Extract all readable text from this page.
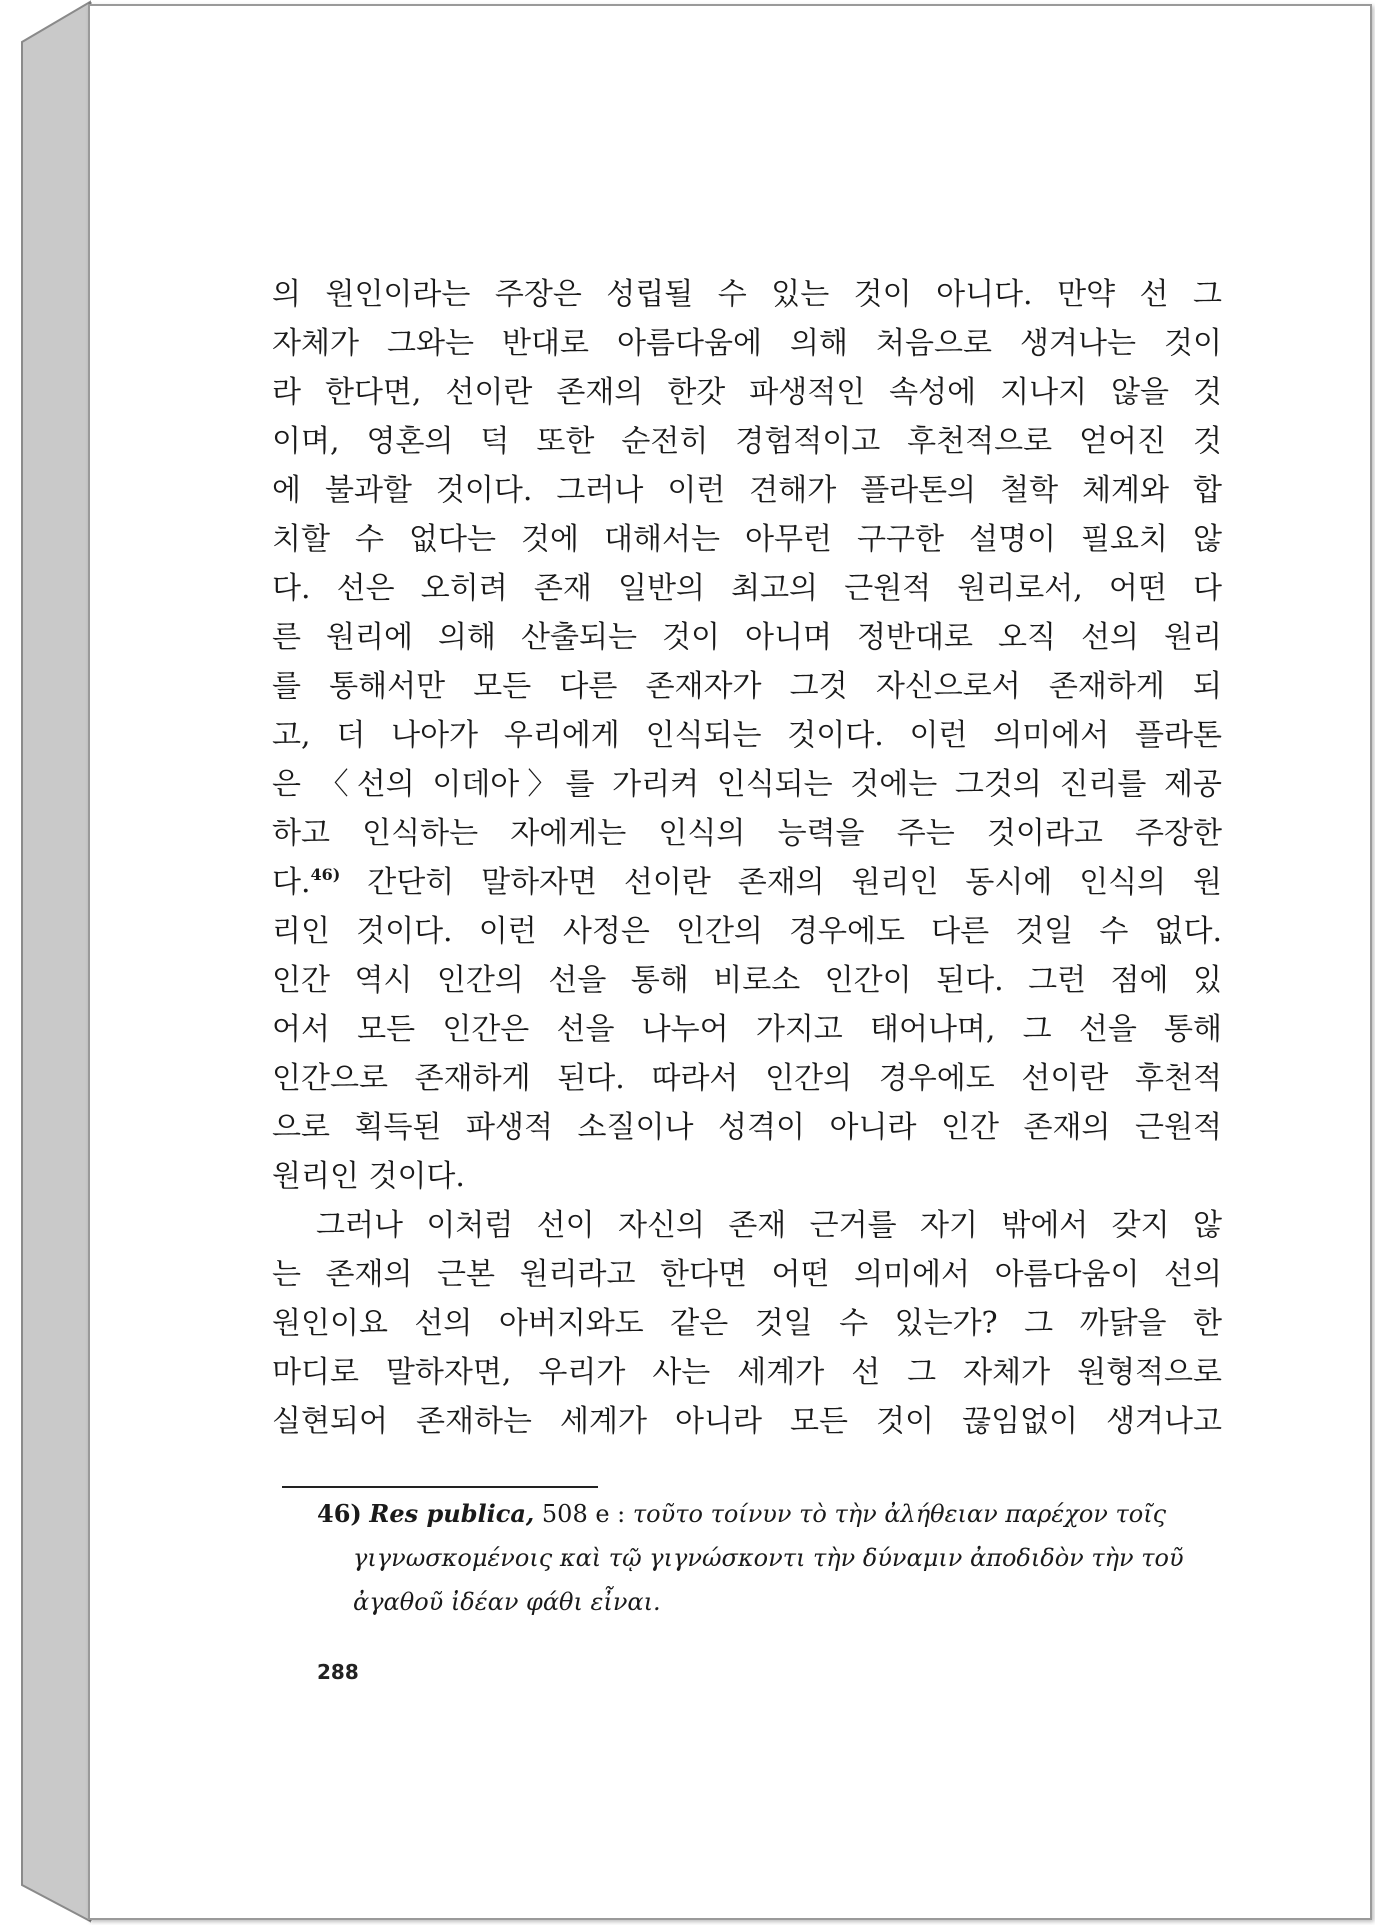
의 원인이라는 주장은 성립될 수 있는 것이 아니다. 만약 선 그
자체가 그와는 반대로 아름다움에 의해 처음으로 생겨나는 것이
라 한다면, 선이란 존재의 한갓 파생적인 속성에 지나지 않을 것
이며, 영혼의 덕 또한 순전히 경험적이고 후천적으로 얻어진 것
에 불과할 것이다. 그러나 이런 견해가 플라톤의 철학 체계와 합
치할 수 없다는 것에 대해서는 아무런 구구한 설명이 필요치 않
다. 선은 오히려 존재 일반의 최고의 근원적 원리로서, 어떤 다
른 원리에 의해 산출되는 것이 아니며 정반대로 오직 선의 원리
를 통해서만 모든 다른 존재자가 그것 자신으로서 존재하게 되
고, 더 나아가 우리에게 인식되는 것이다. 이런 의미에서 플라톤
은 〈선의 이데아〉를 가리켜 인식되는 것에는 그것의 진리를 제공
하고 인식하는 자에게는 인식의 능력을 주는 것이라고 주장한
다.$^{46)}$ 간단히 말하자면 선이란 존재의 원리인 동시에 인식의 원
리인 것이다. 이런 사정은 인간의 경우에도 다른 것일 수 없다.
인간 역시 인간의 선을 통해 비로소 인간이 된다. 그런 점에 있
어서 모든 인간은 선을 나누어 가지고 태어나며, 그 선을 통해
인간으로 존재하게 된다. 따라서 인간의 경우에도 선이란 후천적
으로 획득된 파생적 소질이나 성격이 아니라 인간 존재의 근원적
원리인 것이다.
그러나 이처럼 선이 자신의 존재 근거를 자기 밖에서 갖지 않
는 존재의 근본 원리라고 한다면 어떤 의미에서 아름다움이 선의
원인이요 선의 아버지와도 같은 것일 수 있는가? 그 까닭을 한
마디로 말하자면, 우리가 사는 세계가 선 그 자체가 원형적으로
실현되어 존재하는 세계가 아니라 모든 것이 끊임없이 생겨나고
46) Res publica, 508 e : τοῦτο τοίνυν τὸ τὴν ἀλήθειαν παρέχον τοῖς
γιγνωσκομένοις καὶ τῷ γιγνώσκοντι τὴν δύναμιν ἀποδιδὸν τὴν τοῦ
ἀγαθοῦ ἰδέαν φάθι εἶναι.
288
